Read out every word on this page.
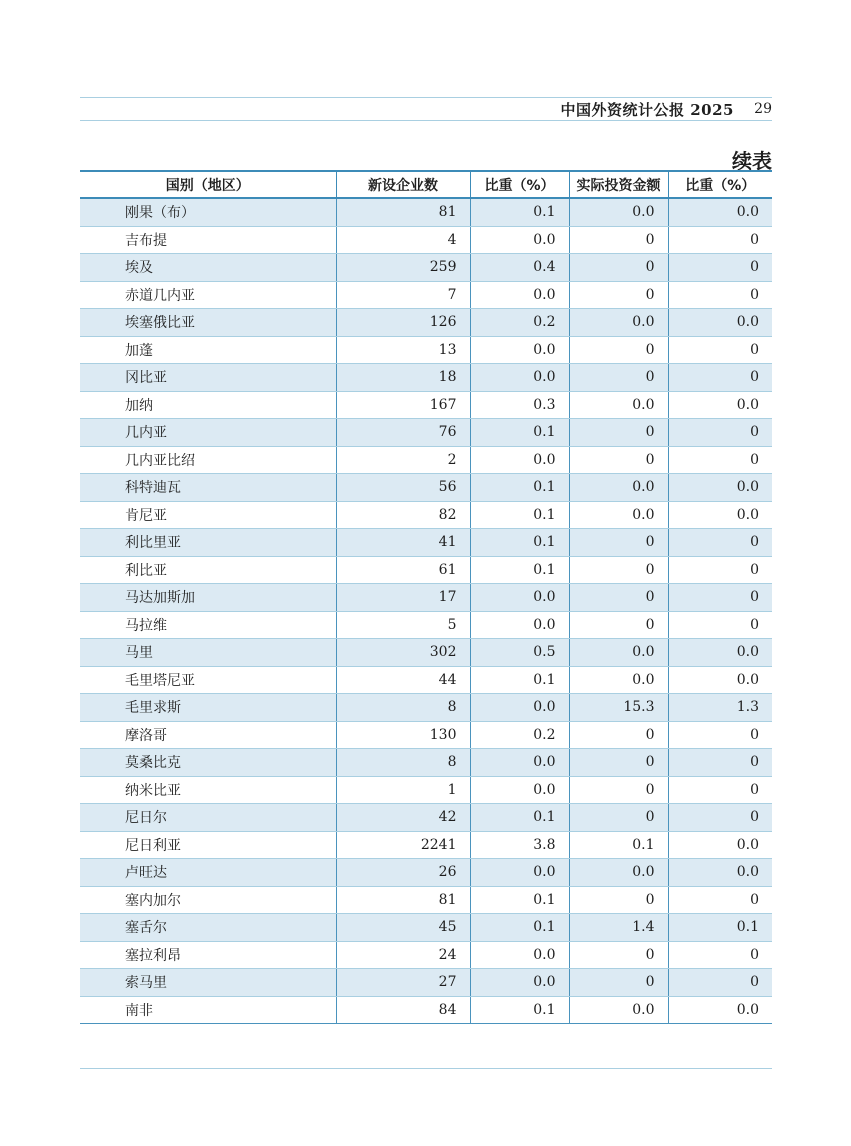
中国外资统计公报 2025 29
续表
国别（地区）	新设企业数	比重（%）	实际投资金额	比重（%）
刚果（布）	81	0.1	0.0	0.0
吉布提	4	0.0	0	0
埃及	259	0.4	0	0
赤道几内亚	7	0.0	0	0
埃塞俄比亚	126	0.2	0.0	0.0
加蓬	13	0.0	0	0
冈比亚	18	0.0	0	0
加纳	167	0.3	0.0	0.0
几内亚	76	0.1	0	0
几内亚比绍	2	0.0	0	0
科特迪瓦	56	0.1	0.0	0.0
肯尼亚	82	0.1	0.0	0.0
利比里亚	41	0.1	0	0
利比亚	61	0.1	0	0
马达加斯加	17	0.0	0	0
马拉维	5	0.0	0	0
马里	302	0.5	0.0	0.0
毛里塔尼亚	44	0.1	0.0	0.0
毛里求斯	8	0.0	15.3	1.3
摩洛哥	130	0.2	0	0
莫桑比克	8	0.0	0	0
纳米比亚	1	0.0	0	0
尼日尔	42	0.1	0	0
尼日利亚	2241	3.8	0.1	0.0
卢旺达	26	0.0	0.0	0.0
塞内加尔	81	0.1	0	0
塞舌尔	45	0.1	1.4	0.1
塞拉利昂	24	0.0	0	0
索马里	27	0.0	0	0
南非	84	0.1	0.0	0.0
